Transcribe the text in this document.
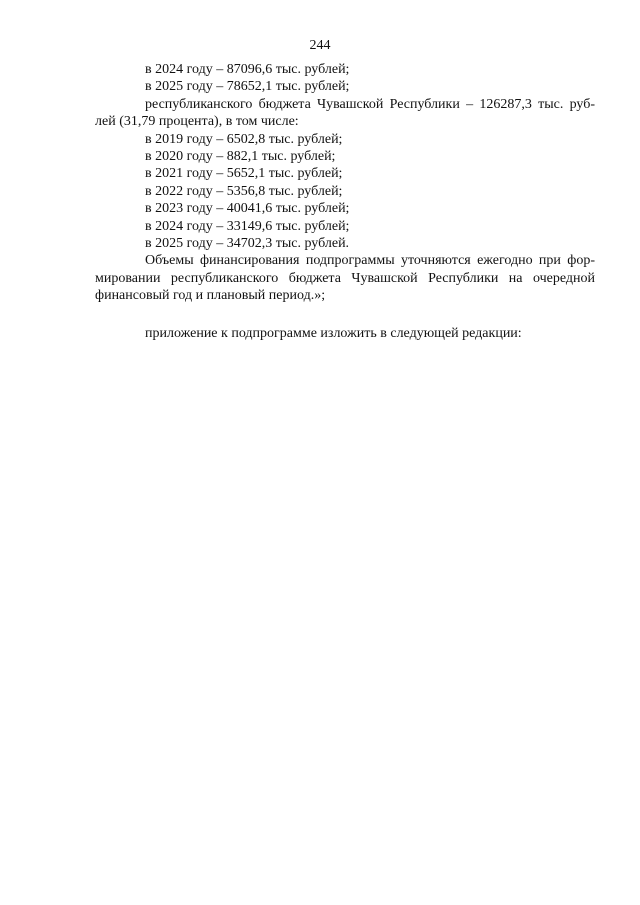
244
в 2024 году – 87096,6 тыс. рублей;
в 2025 году – 78652,1 тыс. рублей;
республиканского бюджета Чувашской Республики – 126287,3 тыс. руб-
лей (31,79 процента), в том числе:
в 2019 году – 6502,8 тыс. рублей;
в 2020 году – 882,1 тыс. рублей;
в 2021 году – 5652,1 тыс. рублей;
в 2022 году – 5356,8 тыс. рублей;
в 2023 году – 40041,6 тыс. рублей;
в 2024 году – 33149,6 тыс. рублей;
в 2025 году – 34702,3 тыс. рублей.
Объемы финансирования подпрограммы уточняются ежегодно при фор-
мировании республиканского бюджета Чувашской Республики на очередной
финансовый год и плановый период.»;
приложение к подпрограмме изложить в следующей редакции:
